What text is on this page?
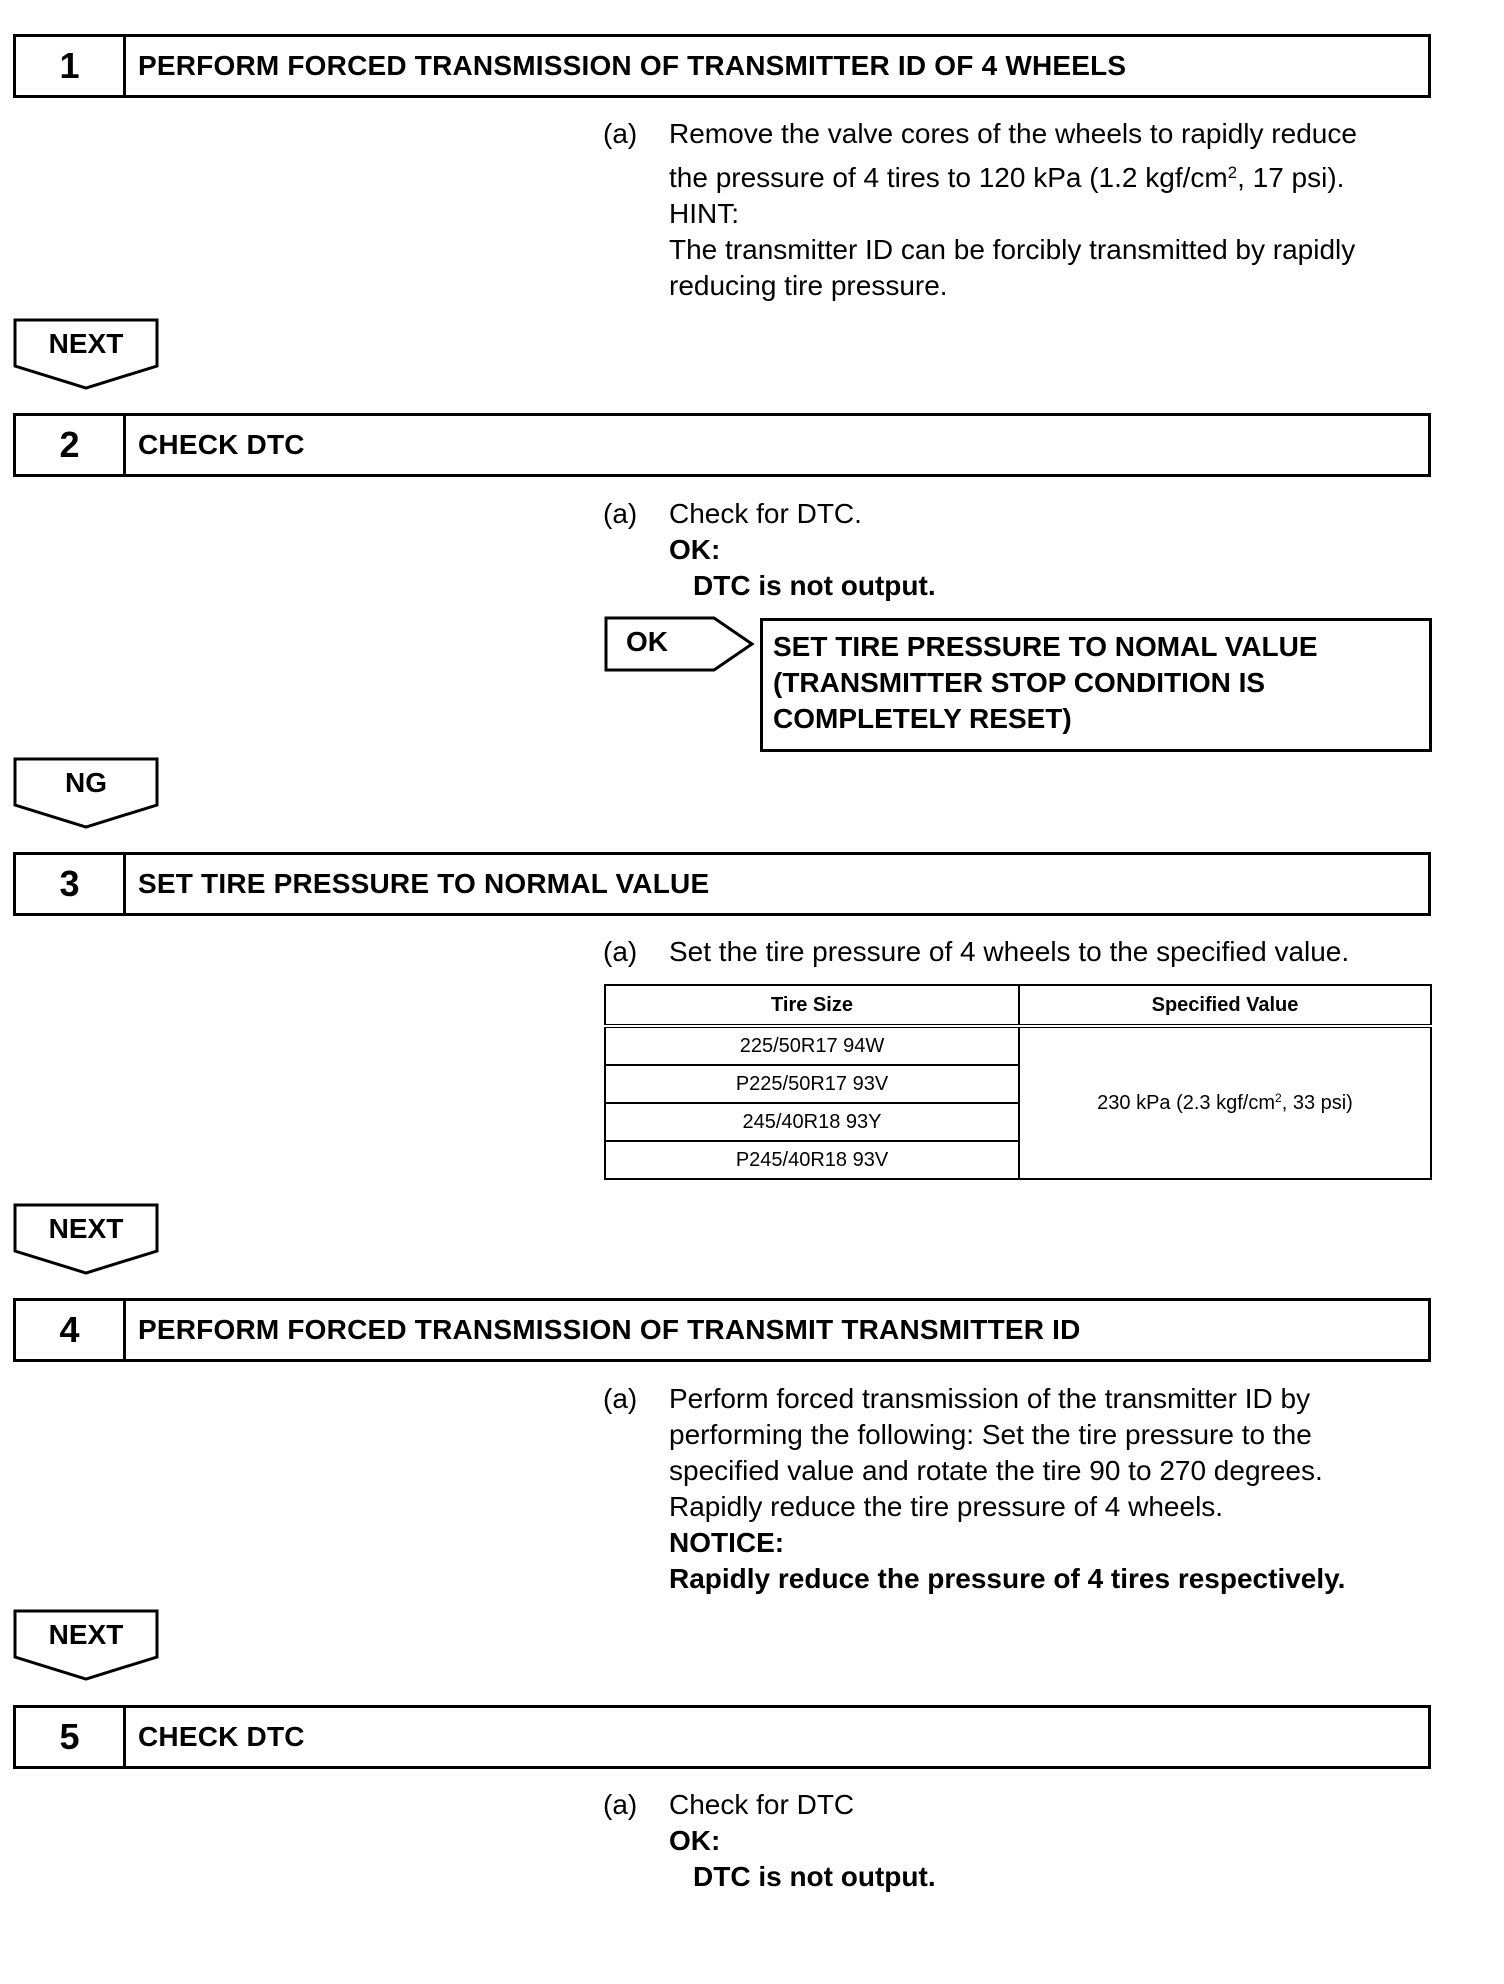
1	PERFORM FORCED TRANSMISSION OF TRANSMITTER ID OF 4 WHEELS
(a) Remove the valve cores of the wheels to rapidly reduce
the pressure of 4 tires to 120 kPa (1.2 kgf/$cm^2$, 17 psi).
HINT:
The transmitter ID can be forcibly transmitted by rapidly
reducing tire pressure.
NEXT
2	CHECK DTC
(a) Check for DTC.
OK:
DTC is not output.
OK	SET TIRE PRESSURE TO NOMAL VALUE
(TRANSMITTER STOP CONDITION IS
COMPLETELY RESET)
NG
3	SET TIRE PRESSURE TO NORMAL VALUE
(a) Set the tire pressure of 4 wheels to the specified value.
Tire Size	Specified Value
225/50R17 94W	230 kPa (2.3 kgf/$cm^2$, 33 psi)
P225/50R17 93V	
245/40R18 93Y	
P245/40R18 93V	
NEXT
4	PERFORM FORCED TRANSMISSION OF TRANSMIT TRANSMITTER ID
(a) Perform forced transmission of the transmitter ID by
performing the following: Set the tire pressure to the
specified value and rotate the tire 90 to 270 degrees.
Rapidly reduce the tire pressure of 4 wheels.
NOTICE:
Rapidly reduce the pressure of 4 tires respectively.
NEXT
5	CHECK DTC
(a) Check for DTC
OK:
DTC is not output.
